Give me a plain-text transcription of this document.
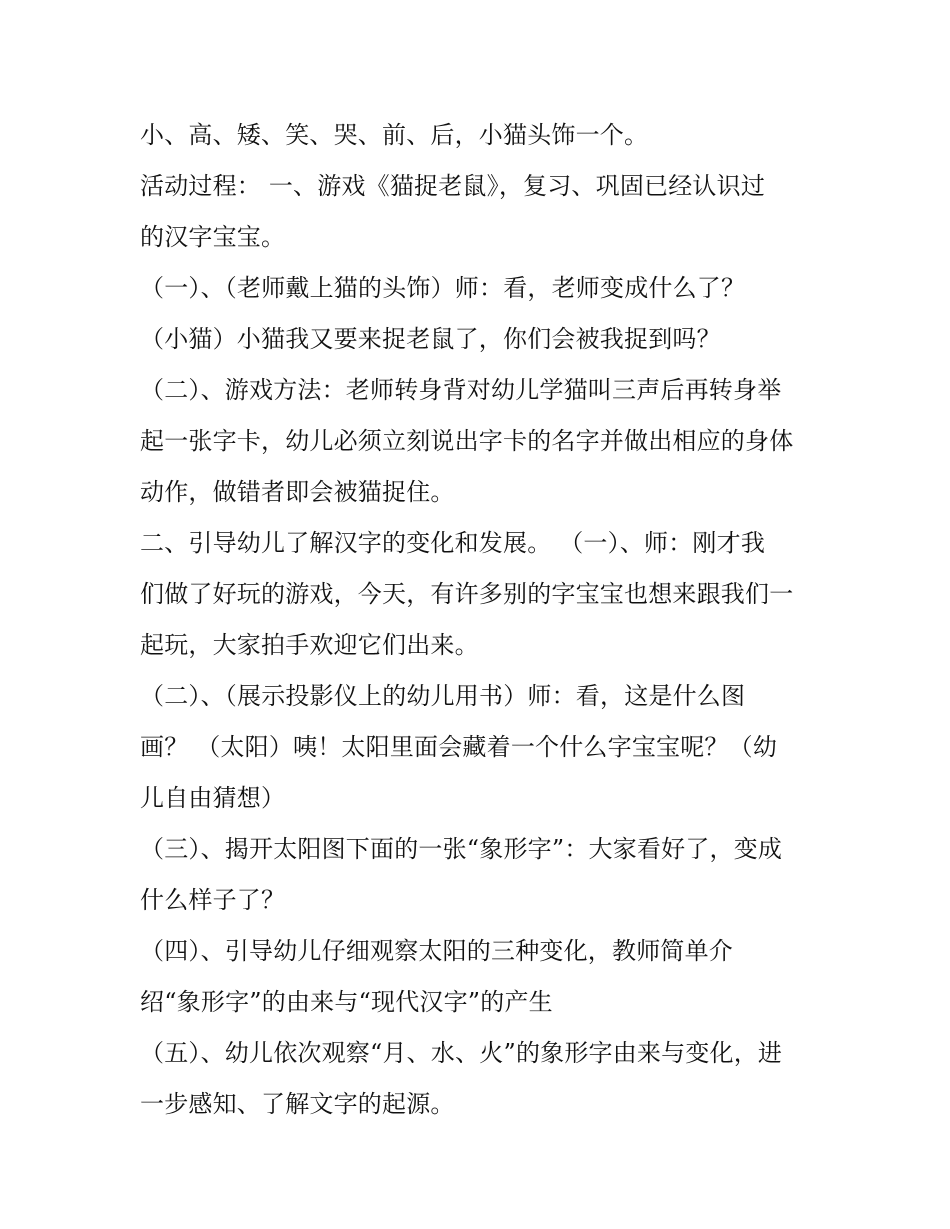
小、高、矮、笑、哭、前、后，小猫头饰一个。
活动过程： 一、游戏《猫捉老鼠》，复习、巩固已经认识过
的汉字宝宝。
（一）、（老师戴上猫的头饰）师：看，老师变成什么了？
（小猫）小猫我又要来捉老鼠了，你们会被我捉到吗？
（二）、游戏方法：老师转身背对幼儿学猫叫三声后再转身举
起一张字卡，幼儿必须立刻说出字卡的名字并做出相应的身体
动作，做错者即会被猫捉住。
二、引导幼儿了解汉字的变化和发展。 （一）、师：刚才我
们做了好玩的游戏，今天，有许多别的字宝宝也想来跟我们一
起玩，大家拍手欢迎它们出来。
（二）、（展示投影仪上的幼儿用书）师：看，这是什么图
画？ （太阳）咦！太阳里面会藏着一个什么字宝宝呢？（幼
儿自由猜想）
（三）、揭开太阳图下面的一张“象形字”：大家看好了，变成
什么样子了？
（四）、引导幼儿仔细观察太阳的三种变化，教师简单介
绍“象形字”的由来与“现代汉字”的产生
（五）、幼儿依次观察“月、水、火”的象形字由来与变化，进
一步感知、了解文字的起源。
